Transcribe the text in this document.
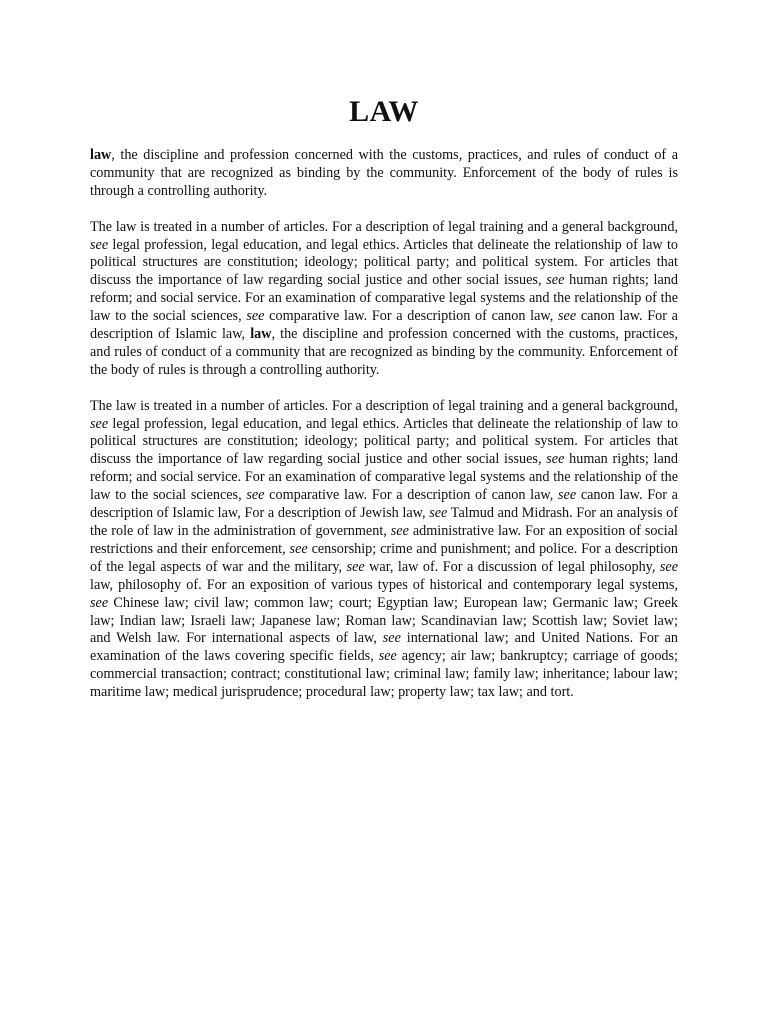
LAW

law, the discipline and profession concerned with the customs, practices, and rules of conduct of a community that are recognized as binding by the community. Enforcement of the body of rules is through a controlling authority.

The law is treated in a number of articles. For a description of legal training and a general background, see legal profession, legal education, and legal ethics. Articles that delineate the relationship of law to political structures are constitution; ideology; political party; and political system. For articles that discuss the importance of law regarding social justice and other social issues, see human rights; land reform; and social service. For an examination of comparative legal systems and the relationship of the law to the social sciences, see comparative law. For a description of canon law, see canon law. For a description of Islamic law, law, the discipline and profession concerned with the customs, practices, and rules of conduct of a community that are recognized as binding by the community. Enforcement of the body of rules is through a controlling authority.

The law is treated in a number of articles. For a description of legal training and a general background, see legal profession, legal education, and legal ethics. Articles that delineate the relationship of law to political structures are constitution; ideology; political party; and political system. For articles that discuss the importance of law regarding social justice and other social issues, see human rights; land reform; and social service. For an examination of comparative legal systems and the relationship of the law to the social sciences, see comparative law. For a description of canon law, see canon law. For a description of Islamic law, For a description of Jewish law, see Talmud and Midrash. For an analysis of the role of law in the administration of government, see administrative law. For an exposition of social restrictions and their enforcement, see censorship; crime and punishment; and police. For a description of the legal aspects of war and the military, see war, law of. For a discussion of legal philosophy, see law, philosophy of. For an exposition of various types of historical and contemporary legal systems, see Chinese law; civil law; common law; court; Egyptian law; European law; Germanic law; Greek law; Indian law; Israeli law; Japanese law; Roman law; Scandinavian law; Scottish law; Soviet law; and Welsh law. For international aspects of law, see international law; and United Nations. For an examination of the laws covering specific fields, see agency; air law; bankruptcy; carriage of goods; commercial transaction; contract; constitutional law; criminal law; family law; inheritance; labour law; maritime law; medical jurisprudence; procedural law; property law; tax law; and tort.
